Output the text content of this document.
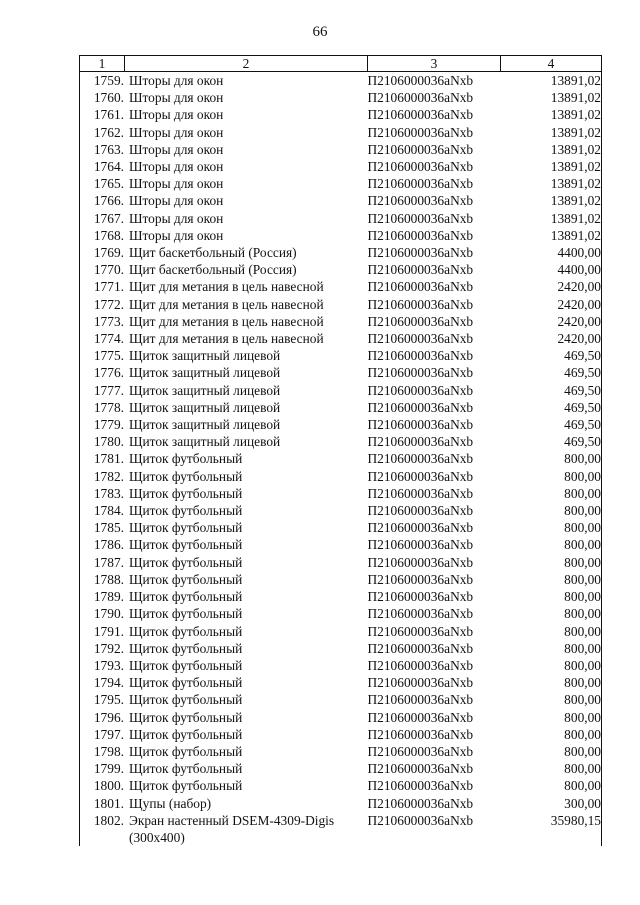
66
1 2	3	4

1759. Шторы для окон	П2106000036aNxb	13891,02

1760. Шторы для окон	П2106000036aNxb	13891,02

1761. Шторы для окон	П2106000036aNxb	13891,02

1762. Шторы для окон	П2106000036aNxb	13891,02

1763. Шторы для окон	П2106000036aNxb	13891,02

1764. Шторы для окон	П2106000036aNxb	13891,02

1765. Шторы для окон	П2106000036aNxb	13891,02

1766. Шторы для окон	П2106000036aNxb	13891,02

1767. Шторы для окон	П2106000036aNxb	13891,02

1768. Шторы для окон	П2106000036aNxb	13891,02

1769. Щит баскетбольный (Россия)	П2106000036aNxb	4400,00

1770. Щит баскетбольный (Россия)	П2106000036aNxb	4400,00

1771. Щит для метания в цель навесной	П2106000036aNxb	2420,00

1772. Щит для метания в цель навесной	П2106000036aNxb	2420,00

1773. Щит для метания в цель навесной	П2106000036aNxb	2420,00

1774. Щит для метания в цель навесной	П2106000036aNxb	2420,00

1775. Щиток защитный лицевой	П2106000036aNxb	469,50

1776. Щиток защитный лицевой	П2106000036aNxb	469,50

1777. Щиток защитный лицевой	П2106000036aNxb	469,50

1778. Щиток защитный лицевой	П2106000036aNxb	469,50

1779. Щиток защитный лицевой	П2106000036aNxb	469,50

1780. Щиток защитный лицевой	П2106000036aNxb	469,50

1781. Щиток футбольный	П2106000036aNxb	800,00

1782. Щиток футбольный	П2106000036aNxb	800,00

1783. Щиток футбольный	П2106000036aNxb	800,00

1784. Щиток футбольный	П2106000036aNxb	800,00

1785. Щиток футбольный	П2106000036aNxb	800,00

1786. Щиток футбольный	П2106000036aNxb	800,00

1787. Щиток футбольный	П2106000036aNxb	800,00

1788. Щиток футбольный	П2106000036aNxb	800,00

1789. Щиток футбольный	П2106000036aNxb	800,00

1790. Щиток футбольный	П2106000036aNxb	800,00

1791. Щиток футбольный	П2106000036aNxb	800,00

1792. Щиток футбольный	П2106000036aNxb	800,00

1793. Щиток футбольный	П2106000036aNxb	800,00

1794. Щиток футбольный	П2106000036aNxb	800,00

1795. Щиток футбольный	П2106000036aNxb	800,00

1796. Щиток футбольный	П2106000036aNxb	800,00

1797. Щиток футбольный	П2106000036aNxb	800,00

1798. Щиток футбольный	П2106000036aNxb	800,00

1799. Щиток футбольный	П2106000036aNxb	800,00

1800. Щиток футбольный	П2106000036aNxb	800,00

1801. Щупы (набор)	П2106000036aNxb	300,00

1802. Экран настенный DSEM-4309-Digis (300х400)	П2106000036aNxb	35980,15
